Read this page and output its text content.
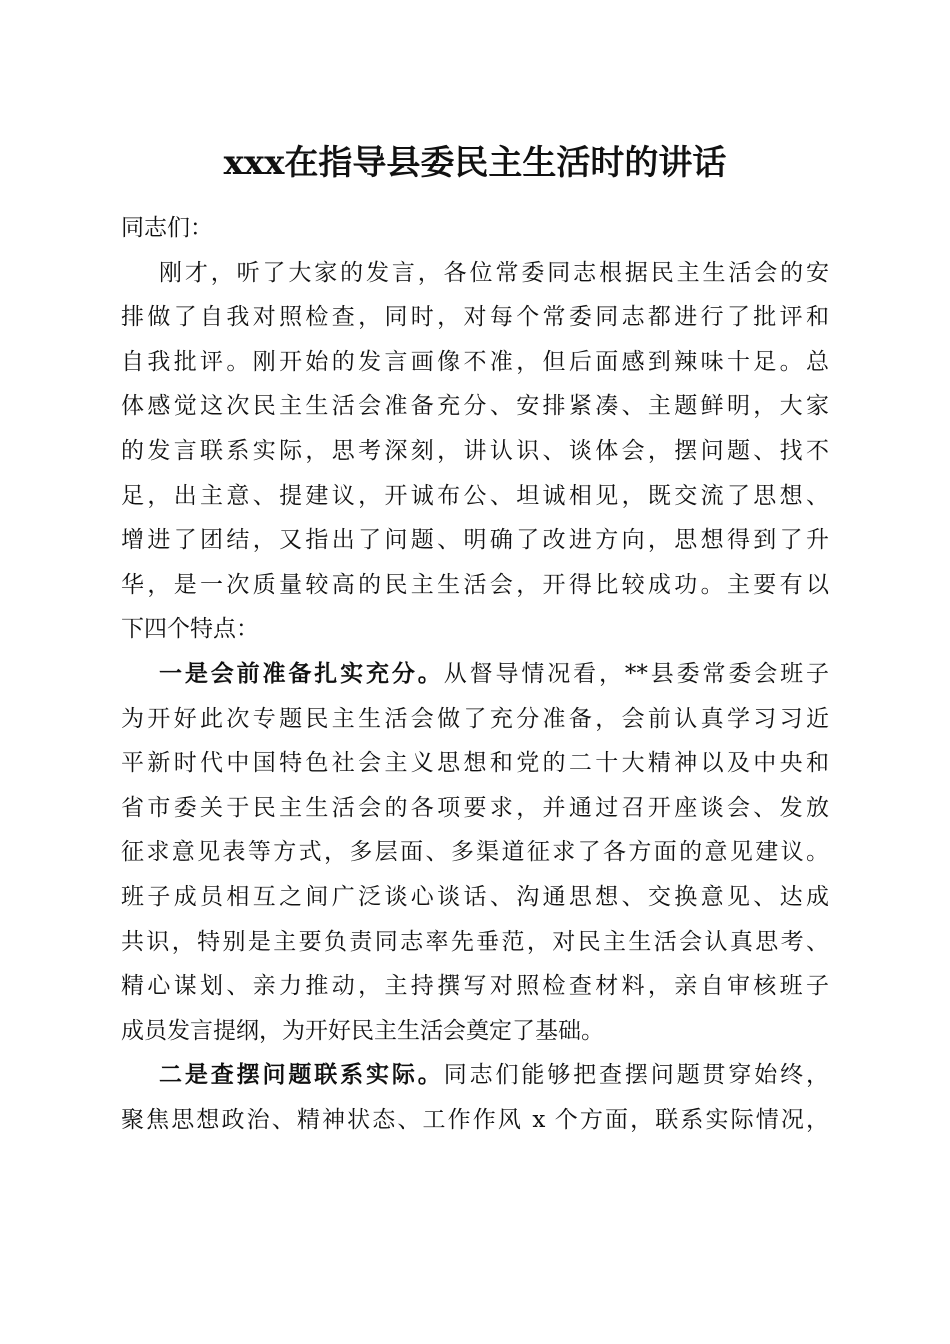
xxx在指导县委民主生活时的讲话
同志们：
刚才，听了大家的发言，各位常委同志根据民主生活会的安
排做了自我对照检查，同时，对每个常委同志都进行了批评和
自我批评。刚开始的发言画像不准，但后面感到辣味十足。总
体感觉这次民主生活会准备充分、安排紧凑、主题鲜明，大家
的发言联系实际，思考深刻，讲认识、谈体会，摆问题、找不
足，出主意、提建议，开诚布公、坦诚相见，既交流了思想、
增进了团结，又指出了问题、明确了改进方向，思想得到了升
华，是一次质量较高的民主生活会，开得比较成功。主要有以
下四个特点：
一是会前准备扎实充分。从督导情况看，**县委常委会班子
为开好此次专题民主生活会做了充分准备，会前认真学习习近
平新时代中国特色社会主义思想和党的二十大精神以及中央和
省市委关于民主生活会的各项要求，并通过召开座谈会、发放
征求意见表等方式，多层面、多渠道征求了各方面的意见建议。
班子成员相互之间广泛谈心谈话、沟通思想、交换意见、达成
共识，特别是主要负责同志率先垂范，对民主生活会认真思考、
精心谋划、亲力推动，主持撰写对照检查材料，亲自审核班子
成员发言提纲，为开好民主生活会奠定了基础。
二是查摆问题联系实际。同志们能够把查摆问题贯穿始终，
聚焦思想政治、精神状态、工作作风 x 个方面，联系实际情况，
